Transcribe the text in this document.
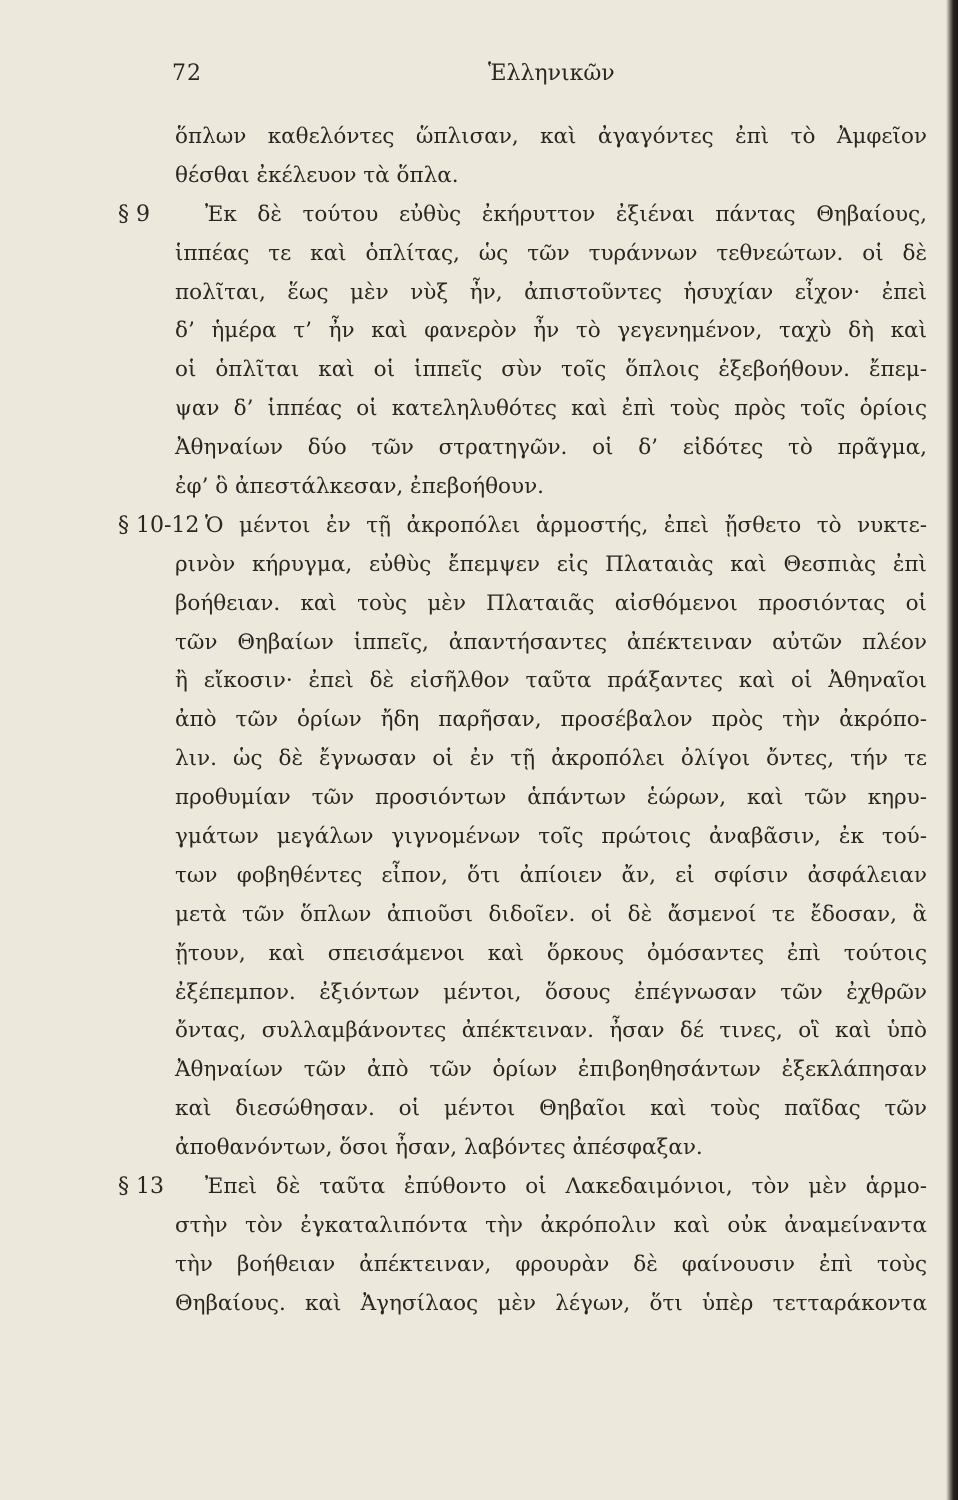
72	Ἑλληνικῶν
ὅπλων καθελόντες ὥπλισαν, καὶ ἀγαγόντες ἐπὶ τὸ Ἀμφεῖον
θέσθαι ἐκέλευον τὰ ὅπλα.
§ 9	Ἐκ δὲ τούτου εὐθὺς ἐκήρυττον ἐξιέναι πάντας Θηβαίους,
ἱππέας τε καὶ ὁπλίτας, ὡς τῶν τυράννων τεθνεώτων. οἱ δὲ
πολῖται, ἕως μὲν νὺξ ἦν, ἀπιστοῦντες ἡσυχίαν εἶχον· ἐπεὶ
δ’ ἡμέρα τ’ ἦν καὶ φανερὸν ἦν τὸ γεγενημένον, ταχὺ δὴ καὶ
οἱ ὁπλῖται καὶ οἱ ἱππεῖς σὺν τοῖς ὅπλοις ἐξεβοήθουν. ἔπεμ-
ψαν δ’ ἱππέας οἱ κατεληλυθότες καὶ ἐπὶ τοὺς πρὸς τοῖς ὁρίοις
Ἀθηναίων δύο τῶν στρατηγῶν. οἱ δ’ εἰδότες τὸ πρᾶγμα,
ἐφ’ ὃ ἀπεστάλκεσαν, ἐπεβοήθουν.
§ 10-12 Ὁ μέντοι ἐν τῇ ἀκροπόλει ἁρμοστής, ἐπεὶ ᾔσθετο τὸ νυκτε-
ρινὸν κήρυγμα, εὐθὺς ἔπεμψεν εἰς Πλαταιὰς καὶ Θεσπιὰς ἐπὶ
βοήθειαν. καὶ τοὺς μὲν Πλαταιᾶς αἰσθόμενοι προσιόντας οἱ
τῶν Θηβαίων ἱππεῖς, ἀπαντήσαντες ἀπέκτειναν αὐτῶν πλέον
ἢ εἴκοσιν· ἐπεὶ δὲ εἰσῆλθον ταῦτα πράξαντες καὶ οἱ Ἀθηναῖοι
ἀπὸ τῶν ὁρίων ἤδη παρῆσαν, προσέβαλον πρὸς τὴν ἀκρόπο-
λιν. ὡς δὲ ἔγνωσαν οἱ ἐν τῇ ἀκροπόλει ὀλίγοι ὄντες, τήν τε
προθυμίαν τῶν προσιόντων ἁπάντων ἑώρων, καὶ τῶν κηρυ-
γμάτων μεγάλων γιγνομένων τοῖς πρώτοις ἀναβᾶσιν, ἐκ τού-
των φοβηθέντες εἶπον, ὅτι ἀπίοιεν ἄν, εἰ σφίσιν ἀσφάλειαν
μετὰ τῶν ὅπλων ἀπιοῦσι διδοῖεν. οἱ δὲ ἄσμενοί τε ἔδοσαν, ἃ
ᾔτουν, καὶ σπεισάμενοι καὶ ὅρκους ὀμόσαντες ἐπὶ τούτοις
ἐξέπεμπον. ἐξιόντων μέντοι, ὅσους ἐπέγνωσαν τῶν ἐχθρῶν
ὄντας, συλλαμβάνοντες ἀπέκτειναν. ἦσαν δέ τινες, οἳ καὶ ὑπὸ
Ἀθηναίων τῶν ἀπὸ τῶν ὁρίων ἐπιβοηθησάντων ἐξεκλάπησαν
καὶ διεσώθησαν. οἱ μέντοι Θηβαῖοι καὶ τοὺς παῖδας τῶν
ἀποθανόντων, ὅσοι ἦσαν, λαβόντες ἀπέσφαξαν.
§ 13 Ἐπεὶ δὲ ταῦτα ἐπύθοντο οἱ Λακεδαιμόνιοι, τὸν μὲν ἁρμο-
στὴν τὸν ἐγκαταλιπόντα τὴν ἀκρόπολιν καὶ οὐκ ἀναμείναντα
τὴν βοήθειαν ἀπέκτειναν, φρουρὰν δὲ φαίνουσιν ἐπὶ τοὺς
Θηβαίους. καὶ Ἀγησίλαος μὲν λέγων, ὅτι ὑπὲρ τετταράκοντα
